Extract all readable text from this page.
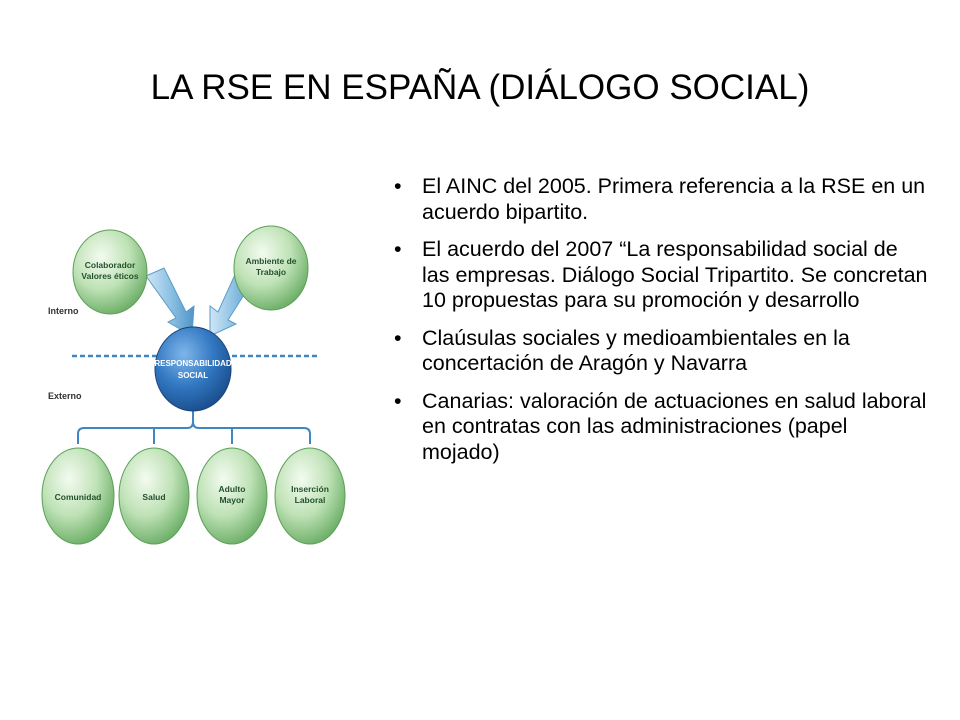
LA RSE EN ESPAÑA (DIÁLOGO SOCIAL)
• El AINC del 2005. Primera referencia a la RSE en un acuerdo bipartito.
• El acuerdo del 2007 “La responsabilidad social de las empresas. Diálogo Social Tripartito. Se concretan 10 propuestas para su promoción y desarrollo
• Claúsulas sociales y medioambientales en la concertación de Aragón y Navarra
• Canarias: valoración de actuaciones en salud laboral en contratas con las administraciones (papel mojado)
Interno
Externo
Colaborador
Valores éticos
Ambiente de
Trabajo
RESPONSABILIDAD
SOCIAL
Comunidad	Salud
Adulto
Mayor
Inserción
Laboral
